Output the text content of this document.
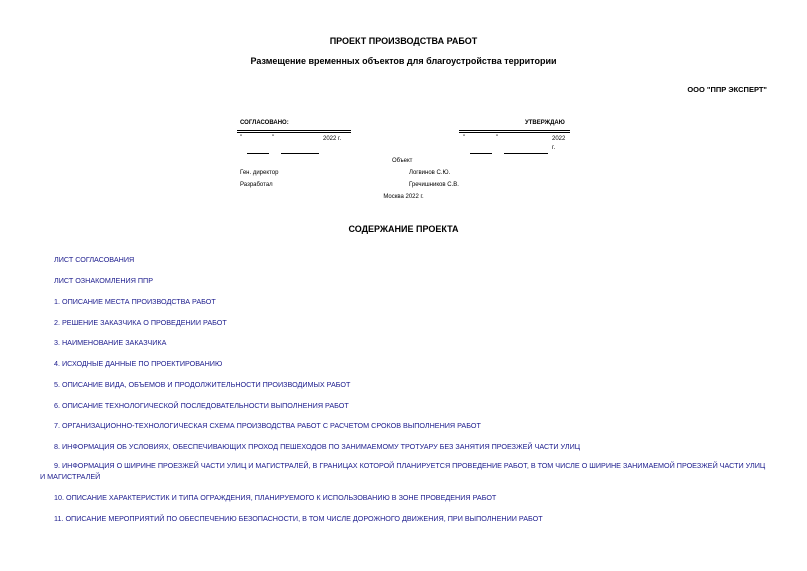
ПРОЕКТ ПРОИЗВОДСТВА РАБОТ
Размещение временных объектов для благоустройства территории
ООО "ППР ЭКСПЕРТ"
СОГЛАСОВАНО:
"	"	2022 г.
УТВЕРЖДАЮ
"	"	2022
г.
Объект
Ген. директор	Логвинов С.Ю.
Разработал	Гречишников С.В.
Москва 2022 г.
СОДЕРЖАНИЕ ПРОЕКТА
ЛИСТ СОГЛАСОВАНИЯ
ЛИСТ ОЗНАКОМЛЕНИЯ ППР
1. ОПИСАНИЕ МЕСТА ПРОИЗВОДСТВА РАБОТ
2. РЕШЕНИЕ ЗАКАЗЧИКА О ПРОВЕДЕНИИ РАБОТ
3. НАИМЕНОВАНИЕ ЗАКАЗЧИКА
4. ИСХОДНЫЕ ДАННЫЕ ПО ПРОЕКТИРОВАНИЮ
5. ОПИСАНИЕ ВИДА, ОБЪЕМОВ И ПРОДОЛЖИТЕЛЬНОСТИ ПРОИЗВОДИМЫХ РАБОТ
6. ОПИСАНИЕ ТЕХНОЛОГИЧЕСКОЙ ПОСЛЕДОВАТЕЛЬНОСТИ ВЫПОЛНЕНИЯ РАБОТ
7. ОРГАНИЗАЦИОННО-ТЕХНОЛОГИЧЕСКАЯ СХЕМА ПРОИЗВОДСТВА РАБОТ С РАСЧЕТОМ СРОКОВ ВЫПОЛНЕНИЯ РАБОТ
8. ИНФОРМАЦИЯ ОБ УСЛОВИЯХ, ОБЕСПЕЧИВАЮЩИХ ПРОХОД ПЕШЕХОДОВ ПО ЗАНИМАЕМОМУ ТРОТУАРУ БЕЗ ЗАНЯТИЯ ПРОЕЗЖЕЙ ЧАСТИ УЛИЦ
9. ИНФОРМАЦИЯ О ШИРИНЕ ПРОЕЗЖЕЙ ЧАСТИ УЛИЦ И МАГИСТРАЛЕЙ, В ГРАНИЦАХ КОТОРОЙ ПЛАНИРУЕТСЯ ПРОВЕДЕНИЕ РАБОТ, В ТОМ ЧИСЛЕ О ШИРИНЕ ЗАНИМАЕМОЙ ПРОЕЗЖЕЙ ЧАСТИ УЛИЦ И МАГИСТРАЛЕЙ
10. ОПИСАНИЕ ХАРАКТЕРИСТИК И ТИПА ОГРАЖДЕНИЯ, ПЛАНИРУЕМОГО К ИСПОЛЬЗОВАНИЮ В ЗОНЕ ПРОВЕДЕНИЯ РАБОТ
11. ОПИСАНИЕ МЕРОПРИЯТИЙ ПО ОБЕСПЕЧЕНИЮ БЕЗОПАСНОСТИ, В ТОМ ЧИСЛЕ ДОРОЖНОГО ДВИЖЕНИЯ, ПРИ ВЫПОЛНЕНИИ РАБОТ
